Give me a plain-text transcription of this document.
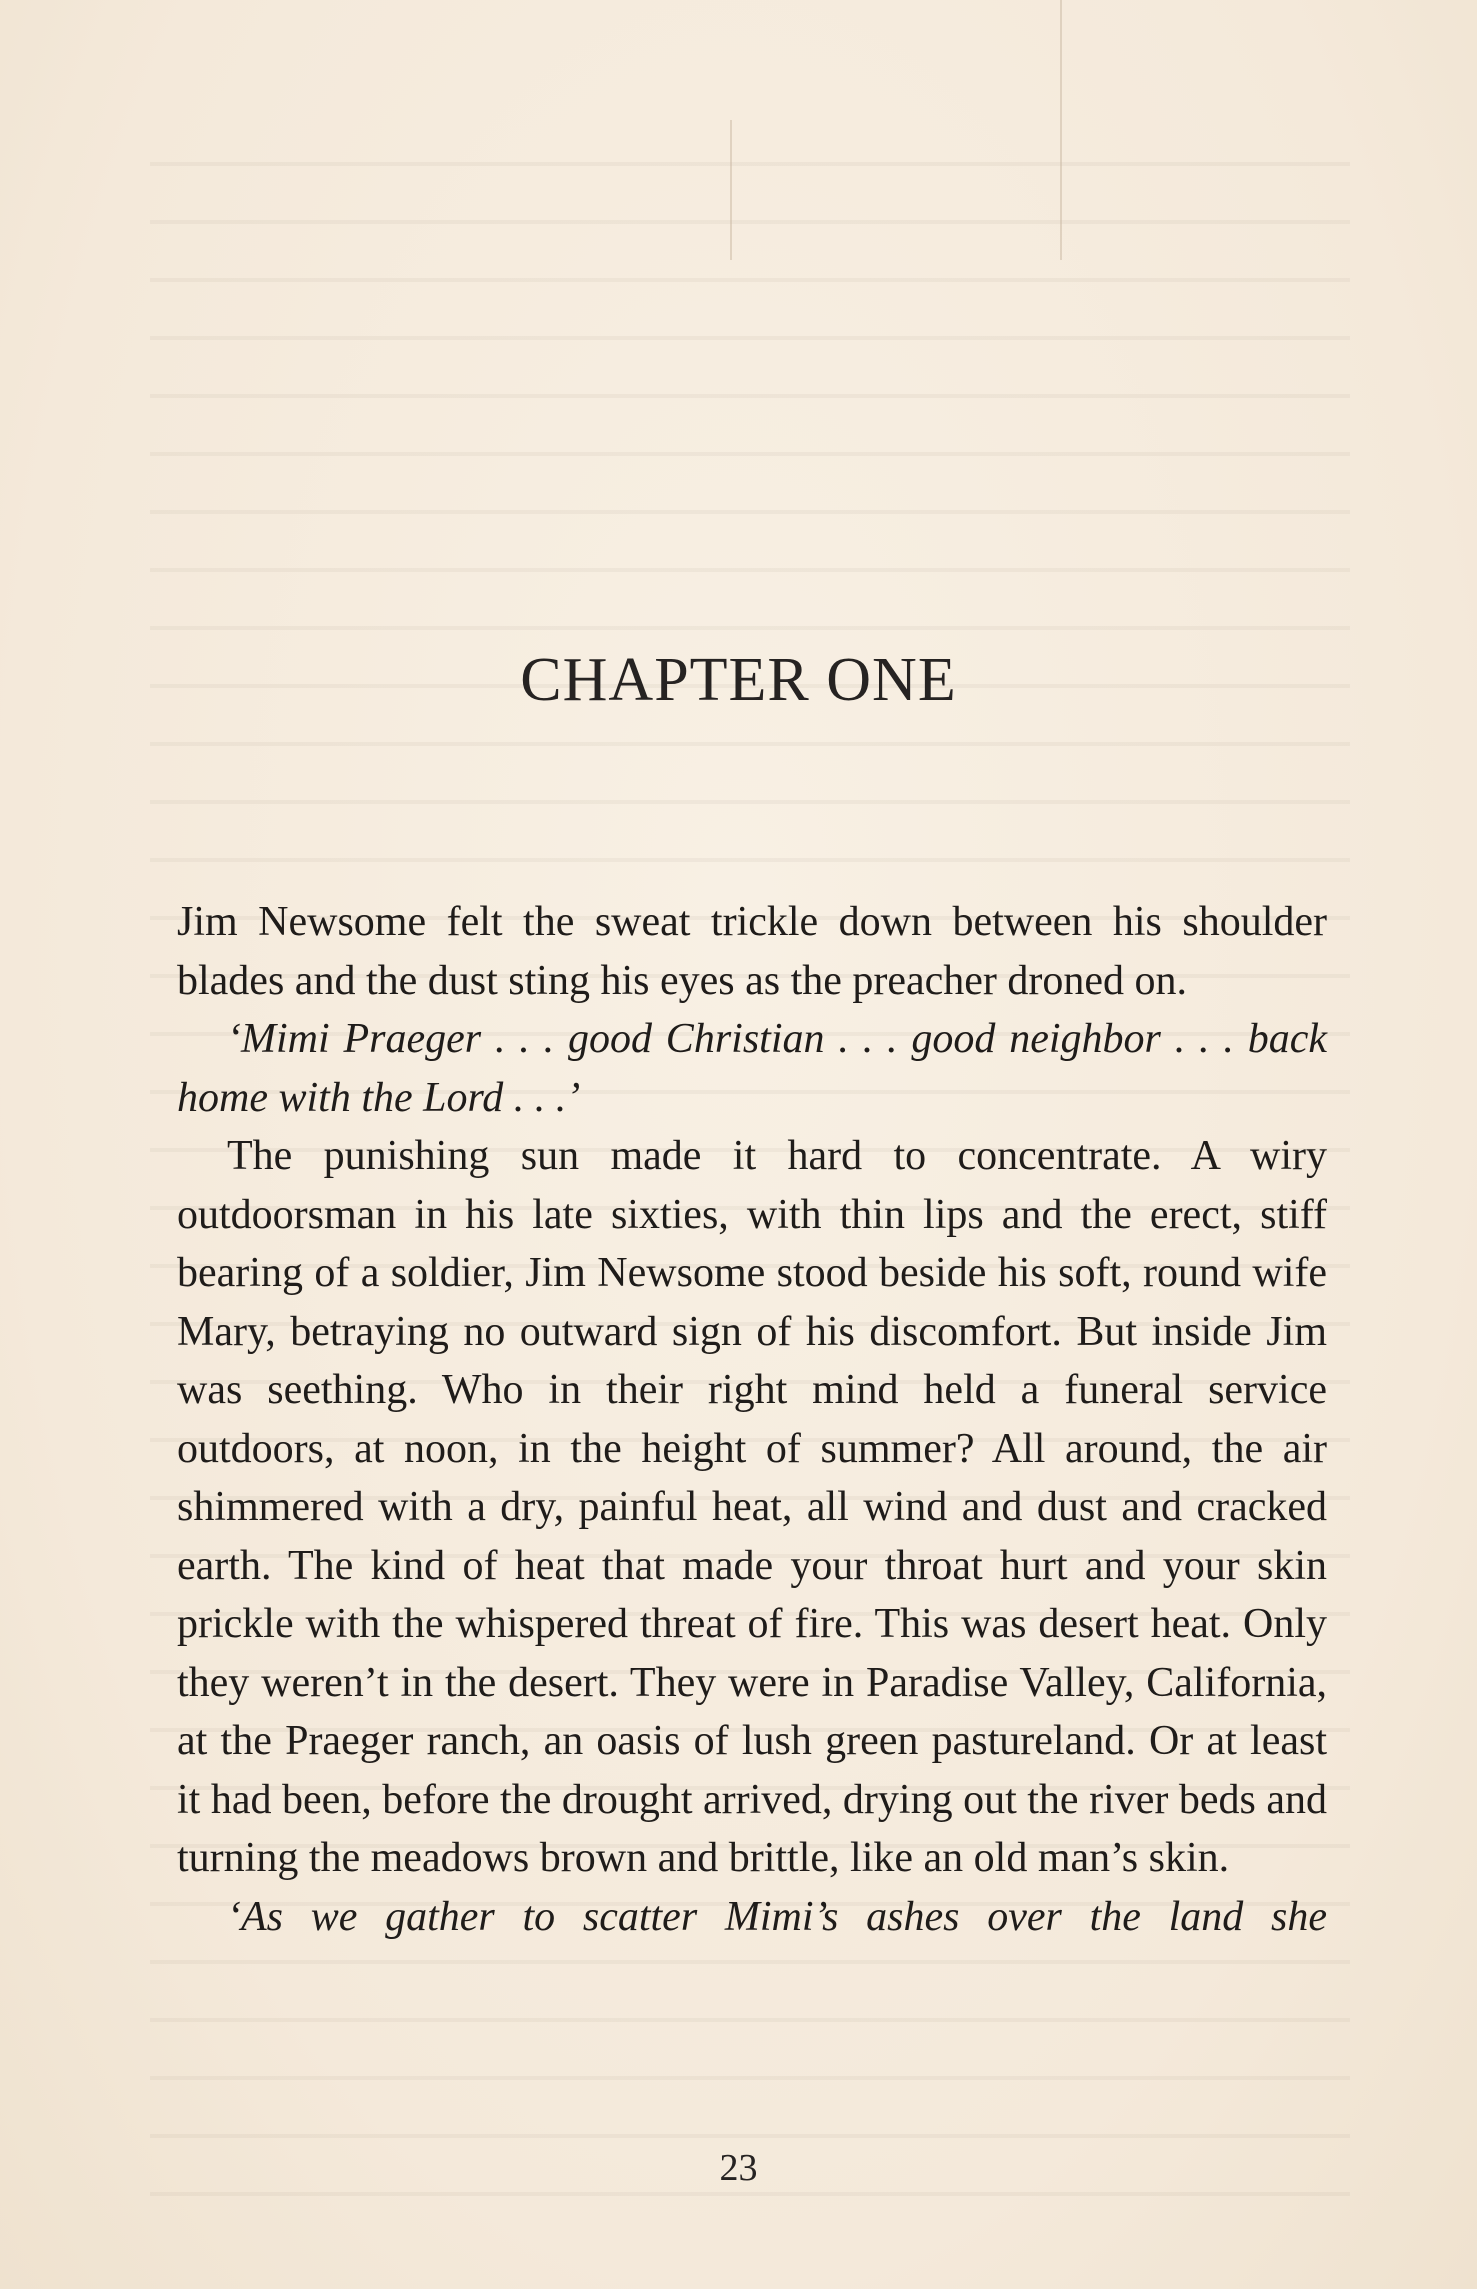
CHAPTER ONE

Jim Newsome felt the sweat trickle down between his shoulder blades and the dust sting his eyes as the preacher droned on.

‘Mimi Praeger . . . good Christian . . . good neighbor . . . back home with the Lord . . .’

The punishing sun made it hard to concentrate. A wiry outdoorsman in his late sixties, with thin lips and the erect, stiff bearing of a soldier, Jim Newsome stood beside his soft, round wife Mary, betraying no outward sign of his discomfort. But inside Jim was seething. Who in their right mind held a funeral service outdoors, at noon, in the height of summer? All around, the air shimmered with a dry, painful heat, all wind and dust and cracked earth. The kind of heat that made your throat hurt and your skin prickle with the whispered threat of fire. This was desert heat. Only they weren’t in the desert. They were in Paradise Valley, California, at the Praeger ranch, an oasis of lush green pastureland. Or at least it had been, before the drought arrived, drying out the river beds and turning the meadows brown and brittle, like an old man’s skin.

‘As we gather to scatter Mimi’s ashes over the land she

23
